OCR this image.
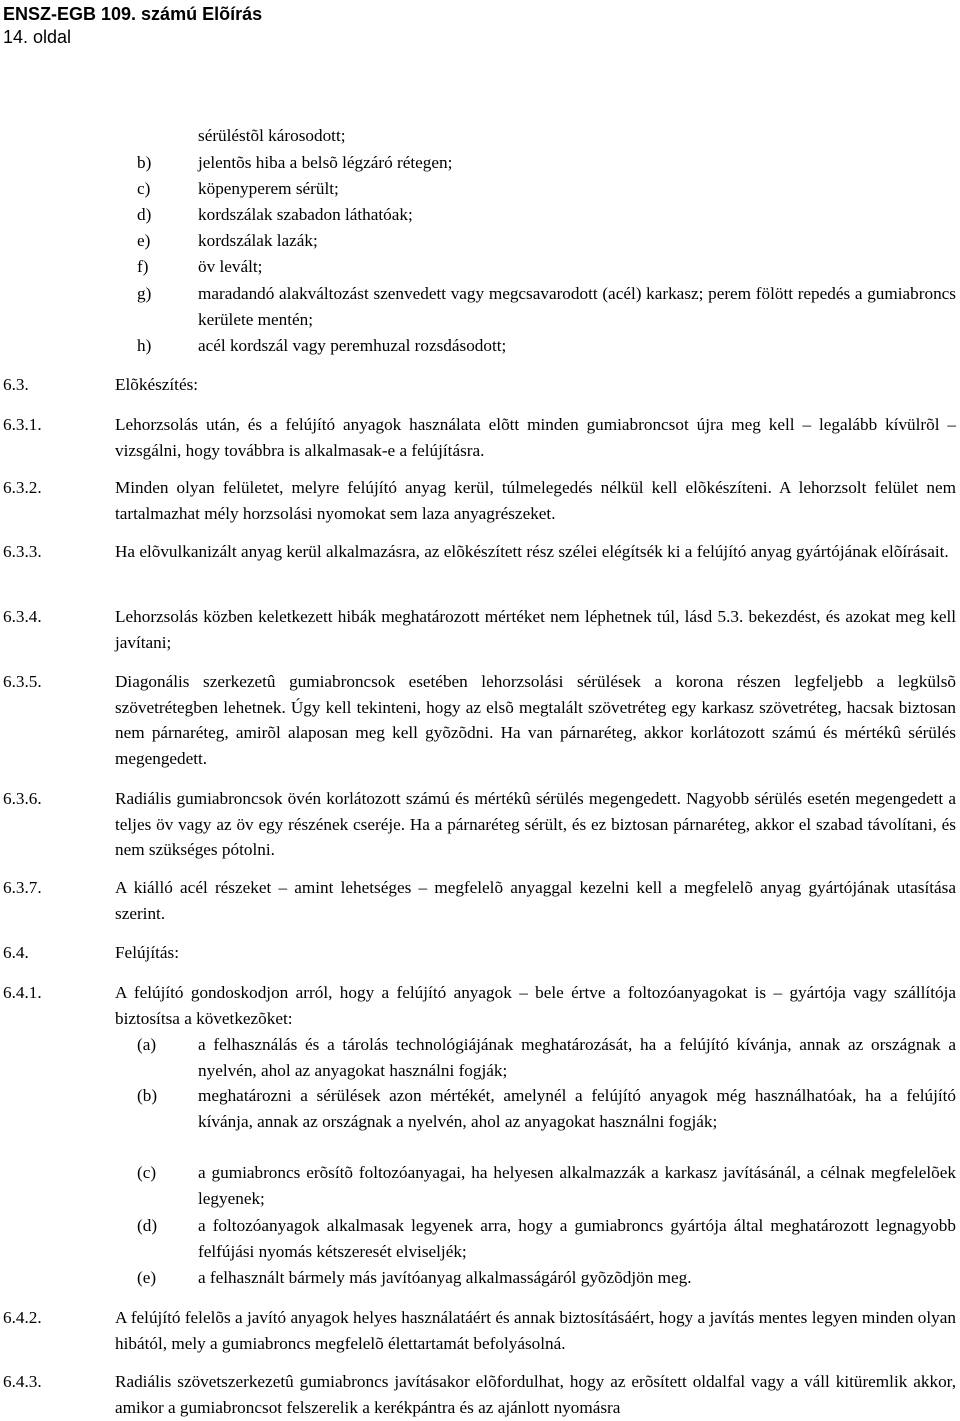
ENSZ-EGB 109. számú Elõírás
14. oldal
sérüléstõl károsodott;
b)	jelentõs hiba a belsõ légzáró rétegen;
c)	köpenyperem sérült;
d)	kordszálak szabadon láthatóak;
e)	kordszálak lazák;
f)	öv levált;
g)	maradandó alakváltozást szenvedett vagy megcsavarodott (acél) karkasz; perem fölött repedés a gumiabroncs kerülete mentén;
h)	acél kordszál vagy peremhuzal rozsdásodott;
6.3.	Elõkészítés:
6.3.1.	Lehorzsolás után, és a felújító anyagok használata elõtt minden gumiabroncsot újra meg kell – legalább kívülrõl – vizsgálni, hogy továbbra is alkalmasak-e a felújításra.
6.3.2.	Minden olyan felületet, melyre felújító anyag kerül, túlmelegedés nélkül kell elõkészíteni. A lehorzsolt felület nem tartalmazhat mély horzsolási nyomokat sem laza anyagrészeket.
6.3.3.	Ha elõvulkanizált anyag kerül alkalmazásra, az elõkészített rész szélei elégítsék ki a felújító anyag gyártójának elõírásait.
6.3.4.	Lehorzsolás közben keletkezett hibák meghatározott mértéket nem léphetnek túl, lásd 5.3. bekezdést, és azokat meg kell javítani;
6.3.5.	Diagonális szerkezetû gumiabroncsok esetében lehorzsolási sérülések a korona részen legfeljebb a legkülsõ szövetrétegben lehetnek. Úgy kell tekinteni, hogy az elsõ megtalált szövetréteg egy karkasz szövetréteg, hacsak biztosan nem párnaréteg, amirõl alaposan meg kell gyõzõdni. Ha van párnaréteg, akkor korlátozott számú és mértékû sérülés megengedett.
6.3.6.	Radiális gumiabroncsok övén korlátozott számú és mértékû sérülés megengedett. Nagyobb sérülés esetén megengedett a teljes öv vagy az öv egy részének cseréje. Ha a párnaréteg sérült, és ez biztosan párnaréteg, akkor el szabad távolítani, és nem szükséges pótolni.
6.3.7.	A kiálló acél részeket – amint lehetséges – megfelelõ anyaggal kezelni kell a megfelelõ anyag gyártójának utasítása szerint.
6.4.	Felújítás:
6.4.1.	A felújító gondoskodjon arról, hogy a felújító anyagok – bele értve a foltozóanyagokat is – gyártója vagy szállítója biztosítsa a következõket:
(a) a felhasználás és a tárolás technológiájának meghatározását, ha a felújító kívánja, annak az országnak a nyelvén, ahol az anyagokat használni fogják;
(b) meghatározni a sérülések azon mértékét, amelynél a felújító anyagok még használhatóak, ha a felújító kívánja, annak az országnak a nyelvén, ahol az anyagokat használni fogják;
(c) a gumiabroncs erõsítõ foltozóanyagai, ha helyesen alkalmazzák a karkasz javításánál, a célnak megfelelõek legyenek;
(d) a foltozóanyagok alkalmasak legyenek arra, hogy a gumiabroncs gyártója által meghatározott legnagyobb felfújási nyomás kétszeresét elviseljék;
(e) a felhasznált bármely más javítóanyag alkalmasságáról gyõzõdjön meg.
6.4.2.	A felújító felelõs a javító anyagok helyes használatáért és annak biztosításáért, hogy a javítás mentes legyen minden olyan hibától, mely a gumiabroncs megfelelõ élettartamát befolyásolná.
6.4.3.	Radiális szövetszerkezetû gumiabroncs javításakor elõfordulhat, hogy az erõsített oldalfal vagy a váll kitüremlik akkor, amikor a gumiabroncsot felszerelik a kerékpántra és az ajánlott nyomásra
